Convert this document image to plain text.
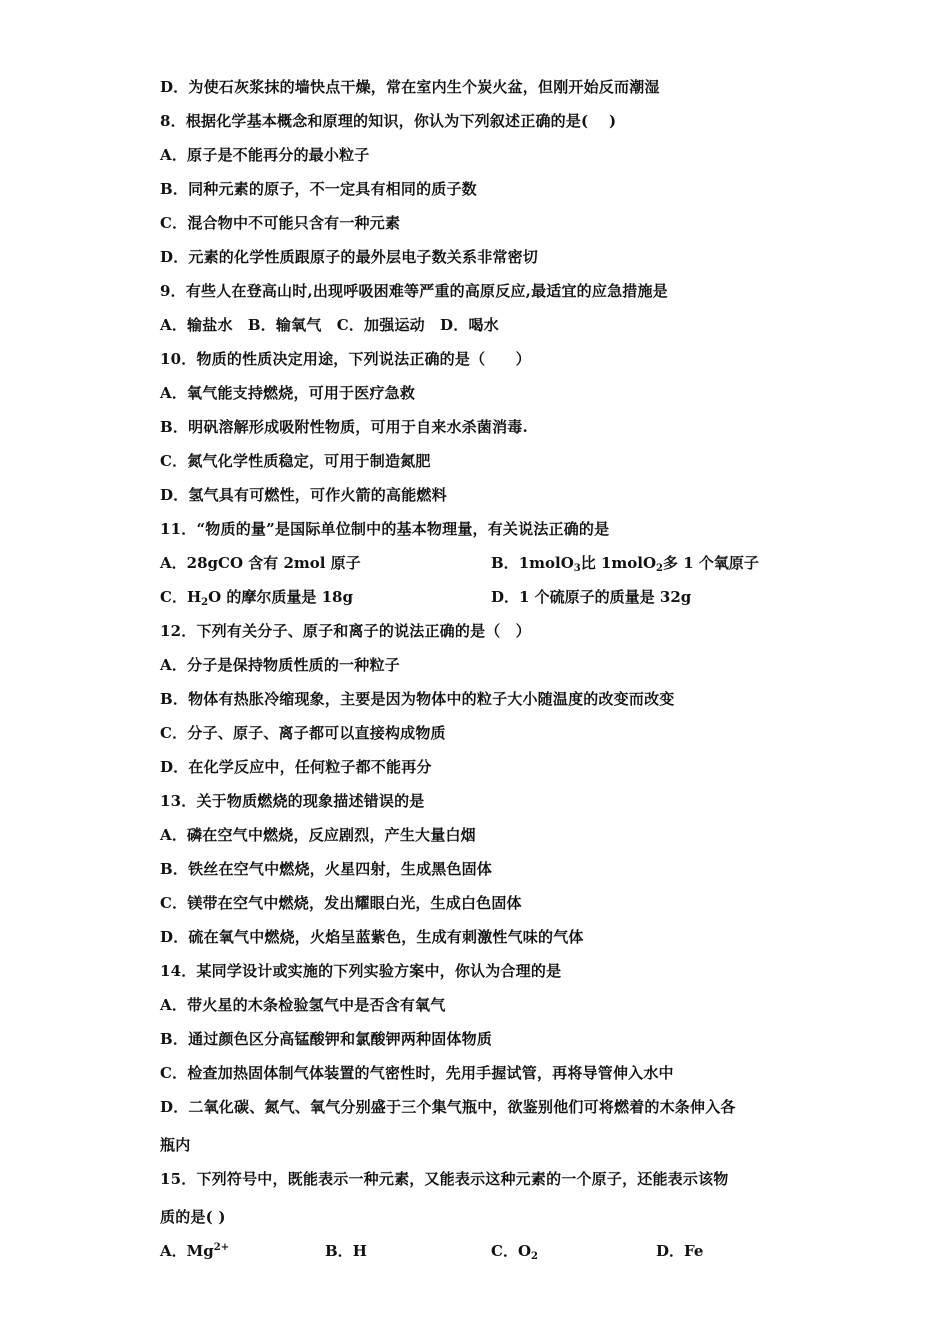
D．为使石灰浆抹的墙快点干燥，常在室内生个炭火盆，但刚开始反而潮湿
8．根据化学基本概念和原理的知识，你认为下列叙述正确的是(　 )
A．原子是不能再分的最小粒子
B．同种元素的原子，不一定具有相同的质子数
C．混合物中不可能只含有一种元素
D．元素的化学性质跟原子的最外层电子数关系非常密切
9．有些人在登高山时,出现呼吸困难等严重的高原反应,最适宜的应急措施是
A．输盐水　B．输氧气　C．加强运动　D．喝水
10．物质的性质决定用途，下列说法正确的是（　　）
A．氧气能支持燃烧，可用于医疗急救
B．明矾溶解形成吸附性物质，可用于自来水杀菌消毒.
C．氮气化学性质稳定，可用于制造氮肥
D．氢气具有可燃性，可作火箭的高能燃料
11．“物质的量”是国际单位制中的基本物理量，有关说法正确的是
A．28gCO 含有 2mol 原子	B．1molO$_3$比 1molO$_2$多 1 个氧原子
C．$H_2O$ 的摩尔质量是 18g	D．1 个硫原子的质量是 32g
12．下列有关分子、原子和离子的说法正确的是（　）
A．分子是保持物质性质的一种粒子
B．物体有热胀冷缩现象，主要是因为物体中的粒子大小随温度的改变而改变
C．分子、原子、离子都可以直接构成物质
D．在化学反应中，任何粒子都不能再分
13．关于物质燃烧的现象描述错误的是
A．磷在空气中燃烧，反应剧烈，产生大量白烟
B．铁丝在空气中燃烧，火星四射，生成黑色固体
C．镁带在空气中燃烧，发出耀眼白光，生成白色固体
D．硫在氧气中燃烧，火焰呈蓝紫色，生成有刺激性气味的气体
14．某同学设计或实施的下列实验方案中，你认为合理的是
A．带火星的木条检验氢气中是否含有氧气
B．通过颜色区分高锰酸钾和氯酸钾两种固体物质
C．检查加热固体制气体装置的气密性时，先用手握试管，再将导管伸入水中
D．二氧化碳、氮气、氧气分别盛于三个集气瓶中，欲鉴别他们可将燃着的木条伸入各
瓶内
15．下列符号中，既能表示一种元素，又能表示这种元素的一个原子，还能表示该物
质的是( )
A．$Mg^{2+}$	B．H	C．$O_2$	D．Fe
